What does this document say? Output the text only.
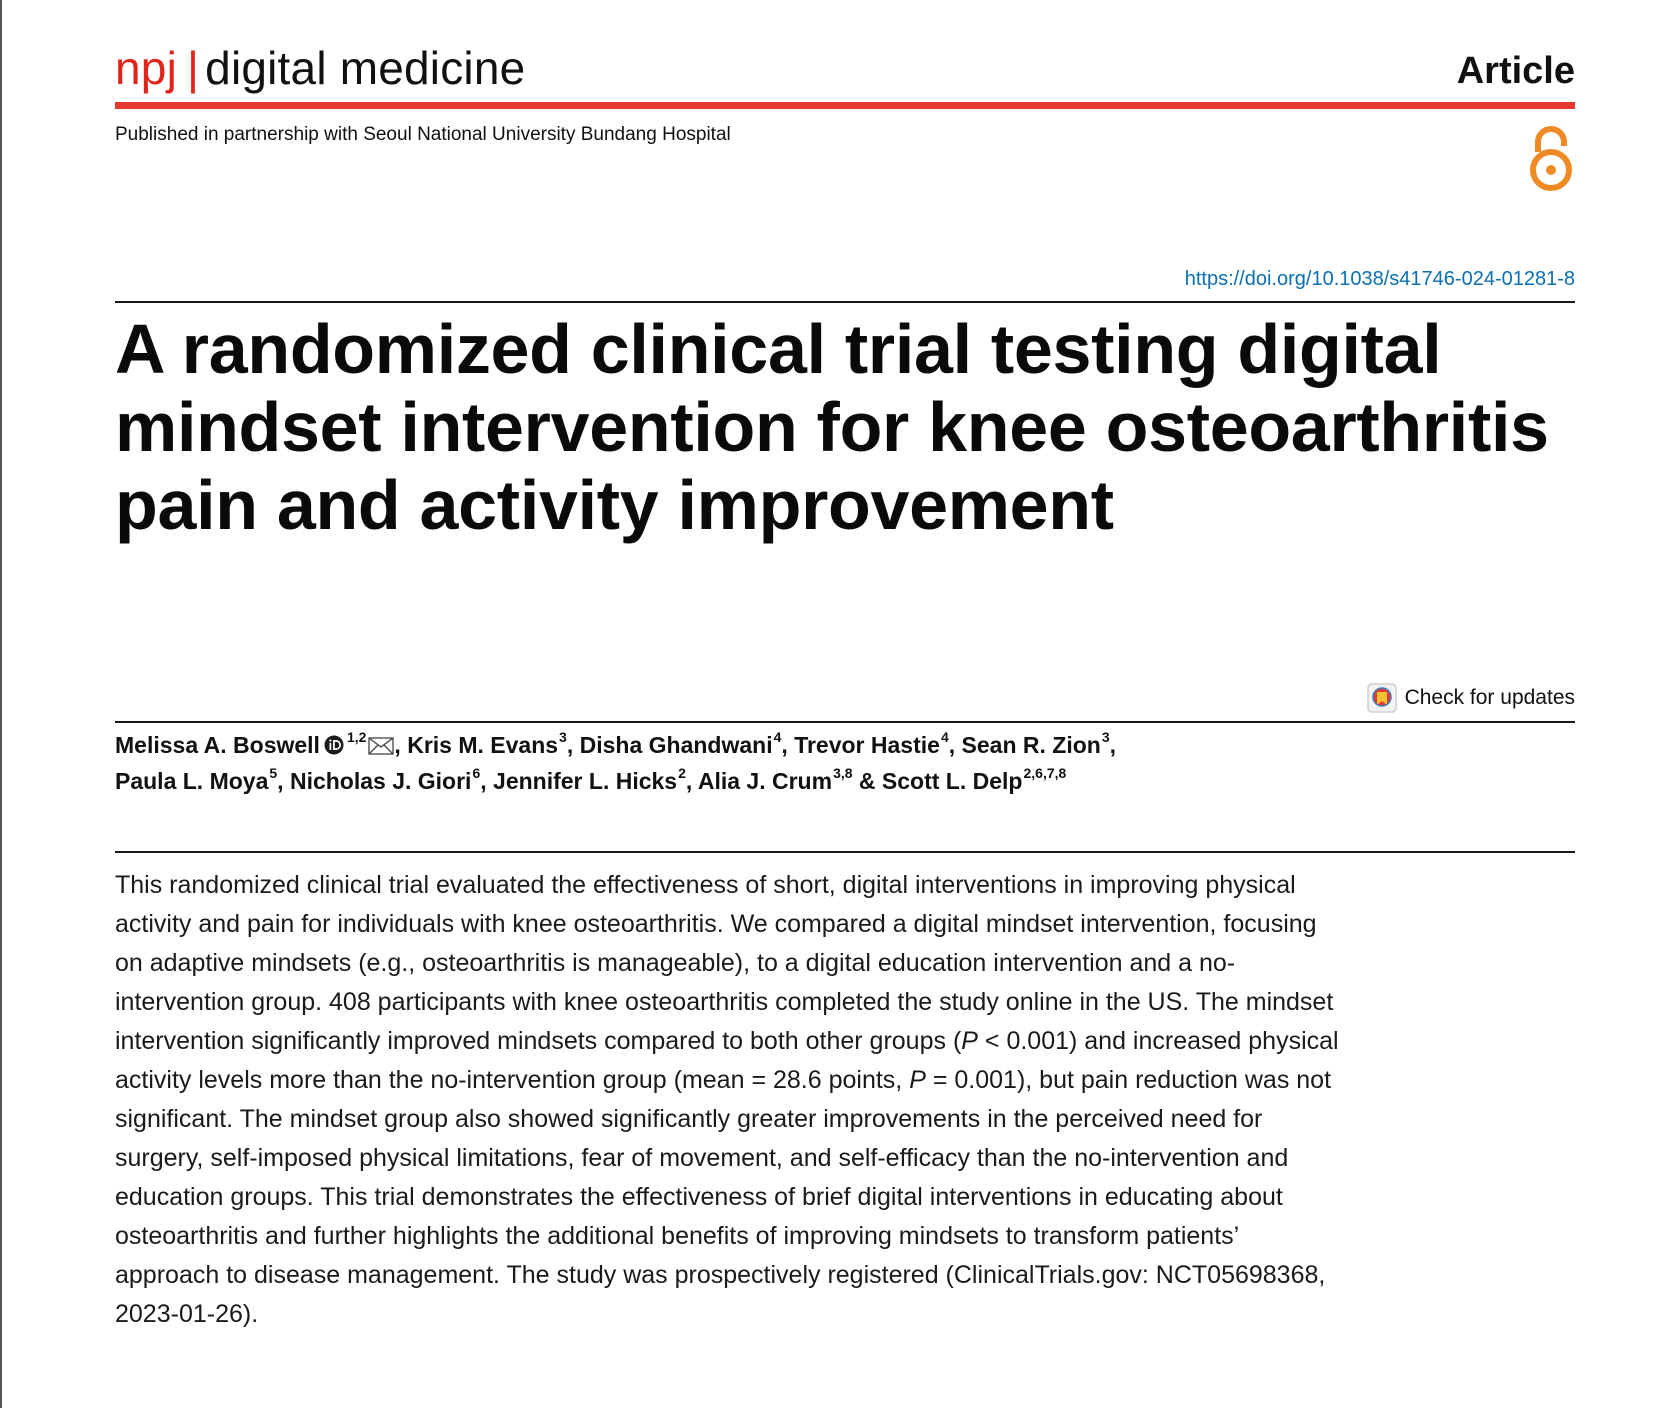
npj | digital medicine	Article
Published in partnership with Seoul National University Bundang Hospital
https://doi.org/10.1038/s41746-024-01281-8
A randomized clinical trial testing digital mindset intervention for knee osteoarthritis pain and activity improvement
Check for updates
Melissa A. Boswell $^{1,2}$ , Kris M. Evans$^3$, Disha Ghandwani$^4$, Trevor Hastie$^4$, Sean R. Zion$^3$,
Paula L. Moya$^5$, Nicholas J. Giori$^6$, Jennifer L. Hicks$^2$, Alia J. Crum$^{3,8}$ & Scott L. Delp$^{2,6,7,8}$

This randomized clinical trial evaluated the effectiveness of short, digital interventions in improving physical activity and pain for individuals with knee osteoarthritis. We compared a digital mindset intervention, focusing on adaptive mindsets (e.g., osteoarthritis is manageable), to a digital education intervention and a no-intervention group. 408 participants with knee osteoarthritis completed the study online in the US. The mindset intervention significantly improved mindsets compared to both other groups (P < 0.001) and increased physical activity levels more than the no-intervention group (mean = 28.6 points, P = 0.001), but pain reduction was not significant. The mindset group also showed significantly greater improvements in the perceived need for surgery, self-imposed physical limitations, fear of movement, and self-efficacy than the no-intervention and education groups. This trial demonstrates the effectiveness of brief digital interventions in educating about osteoarthritis and further highlights the additional benefits of improving mindsets to transform patients’ approach to disease management. The study was prospectively registered (ClinicalTrials.gov: NCT05698368, 2023-01-26).
